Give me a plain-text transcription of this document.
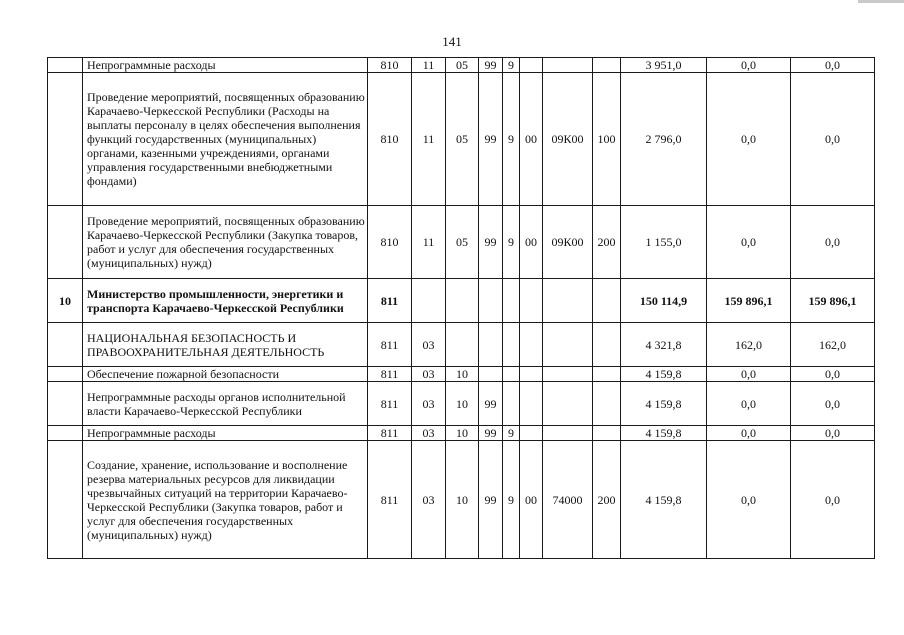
141
	Непрограммные расходы	810	11	05	99	9				3 951,0	0,0	0,0
	Проведение мероприятий, посвященных образованию Карачаево-Черкесской Республики (Расходы на выплаты персоналу в целях обеспечения выполнения функций государственных (муниципальных) органами, казенными учреждениями, органами управления государственными внебюджетными фондами)	810	11	05	99	9	00	09К00	100	2 796,0	0,0	0,0
	Проведение мероприятий, посвященных образованию Карачаево-Черкесской Республики (Закупка товаров, работ и услуг для обеспечения государственных (муниципальных) нужд)	810	11	05	99	9	00	09К00	200	1 155,0	0,0	0,0
10	Министерство промышленности, энергетики и транспорта Карачаево-Черкесской Республики	811								150 114,9	159 896,1	159 896,1
	НАЦИОНАЛЬНАЯ БЕЗОПАСНОСТЬ И ПРАВООХРАНИТЕЛЬНАЯ ДЕЯТЕЛЬНОСТЬ	811	03							4 321,8	162,0	162,0
	Обеспечение пожарной безопасности	811	03	10						4 159,8	0,0	0,0
	Непрограммные расходы органов исполнительной власти Карачаево-Черкесской Республики	811	03	10	99					4 159,8	0,0	0,0
	Непрограммные расходы	811	03	10	99	9				4 159,8	0,0	0,0
	Создание, хранение, использование и восполнение резерва материальных ресурсов для ликвидации чрезвычайных ситуаций на территории Карачаево-Черкесской Республики (Закупка товаров, работ и услуг для обеспечения государственных (муниципальных) нужд)	811	03	10	99	9	00	74000	200	4 159,8	0,0	0,0
